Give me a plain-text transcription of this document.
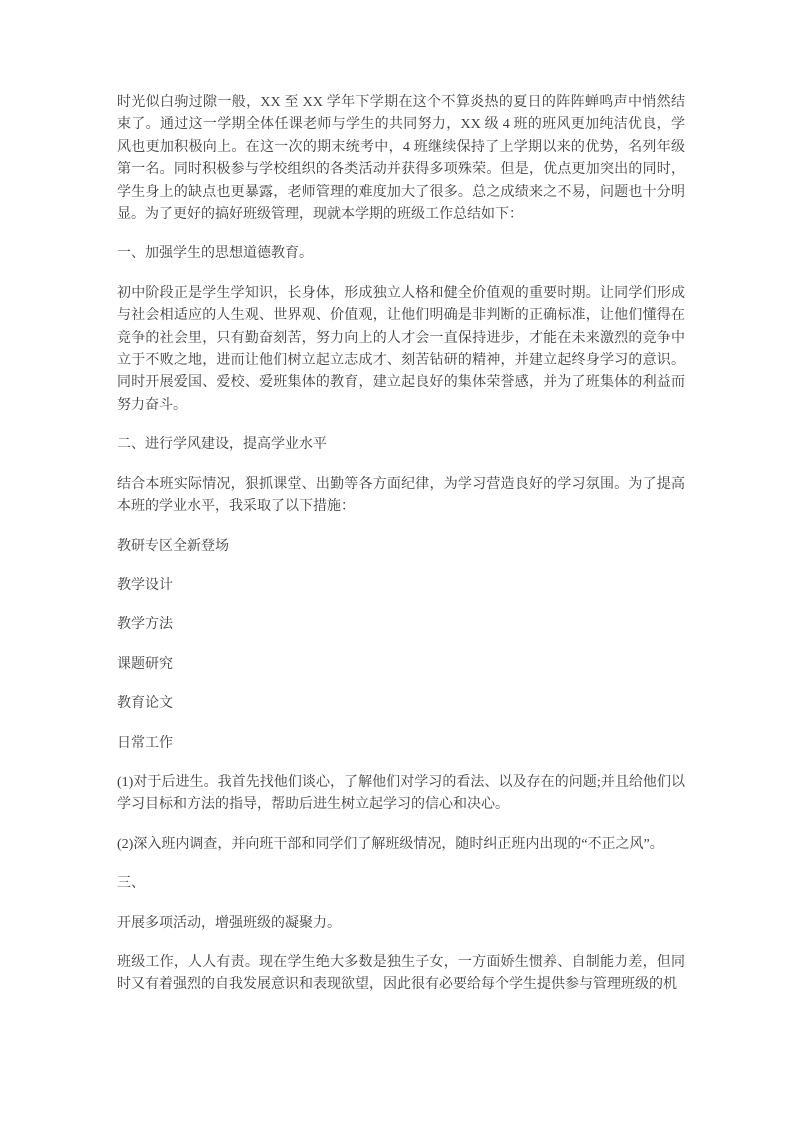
时光似白驹过隙一般，XX 至 XX 学年下学期在这个不算炎热的夏日的阵阵蝉鸣声中悄然结束了。通过这一学期全体任课老师与学生的共同努力，XX 级 4 班的班风更加纯洁优良，学风也更加积极向上。在这一次的期末统考中，4 班继续保持了上学期以来的优势，名列年级第一名。同时积极参与学校组织的各类活动并获得多项殊荣。但是，优点更加突出的同时，学生身上的缺点也更暴露，老师管理的难度加大了很多。总之成绩来之不易，问题也十分明显。为了更好的搞好班级管理，现就本学期的班级工作总结如下：

一、加强学生的思想道德教育。

初中阶段正是学生学知识，长身体，形成独立人格和健全价值观的重要时期。让同学们形成与社会相适应的人生观、世界观、价值观，让他们明确是非判断的正确标准，让他们懂得在竞争的社会里，只有勤奋刻苦，努力向上的人才会一直保持进步，才能在未来激烈的竞争中立于不败之地，进而让他们树立起立志成才、刻苦钻研的精神，并建立起终身学习的意识。同时开展爱国、爱校、爱班集体的教育，建立起良好的集体荣誉感，并为了班集体的利益而努力奋斗。

二、进行学风建设，提高学业水平

结合本班实际情况，狠抓课堂、出勤等各方面纪律，为学习营造良好的学习氛围。为了提高本班的学业水平，我采取了以下措施：

教研专区全新登场

教学设计

教学方法

课题研究

教育论文

日常工作

(1)对于后进生。我首先找他们谈心，了解他们对学习的看法、以及存在的问题;并且给他们以学习目标和方法的指导，帮助后进生树立起学习的信心和决心。

(2)深入班内调查，并向班干部和同学们了解班级情况，随时纠正班内出现的“不正之风”。

三、

开展多项活动，增强班级的凝聚力。

班级工作，人人有责。现在学生绝大多数是独生子女，一方面娇生惯养、自制能力差，但同时又有着强烈的自我发展意识和表现欲望，因此很有必要给每个学生提供参与管理班级的机
